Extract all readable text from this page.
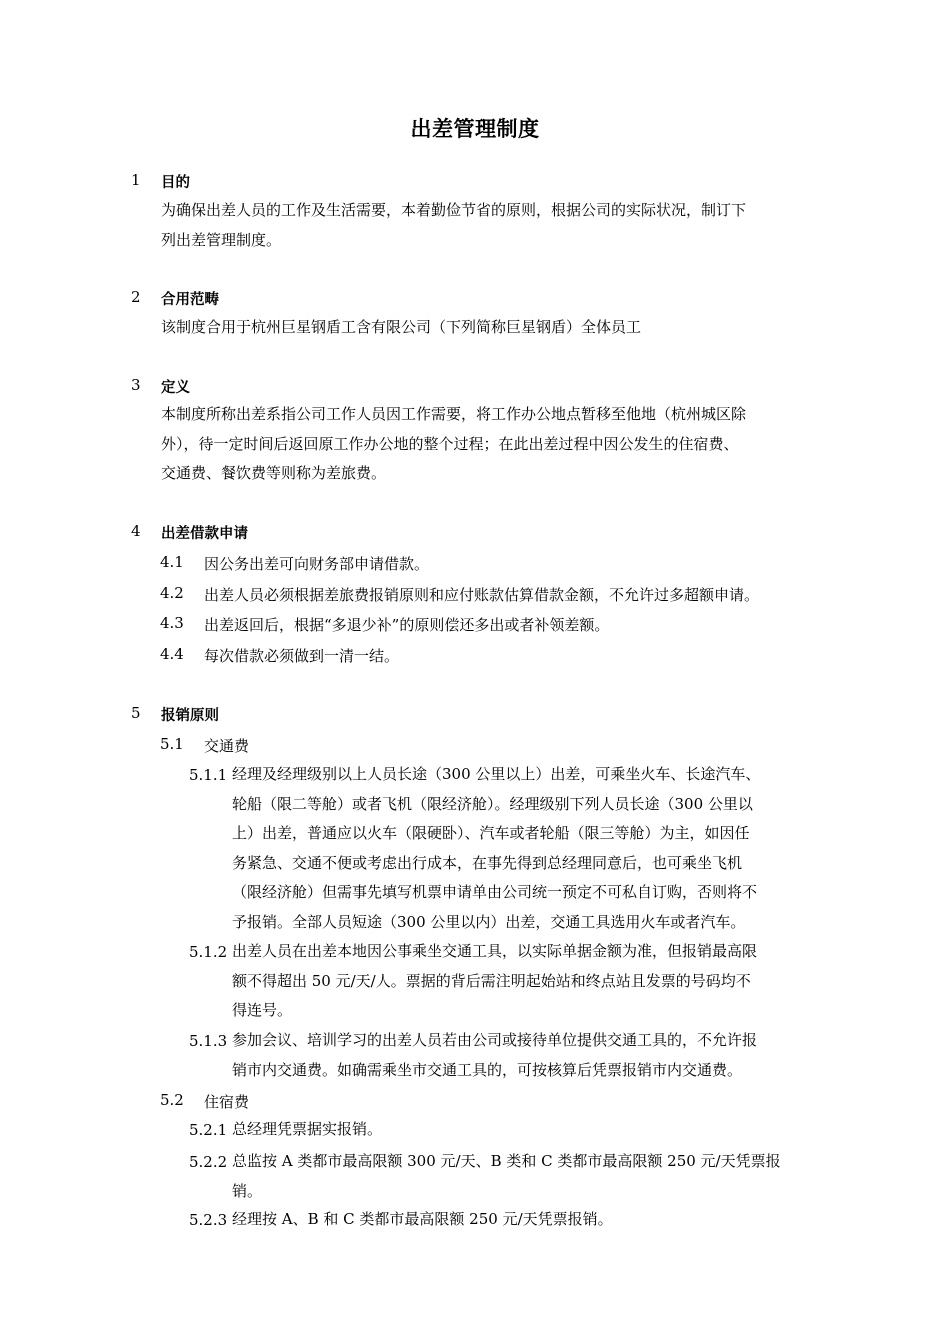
出差管理制度
1 目的
为确保出差人员的工作及生活需要，本着勤俭节省的原则，根据公司的实际状况，制订下
列出差管理制度。
2 合用范畴
该制度合用于杭州巨星钢盾工含有限公司（下列简称巨星钢盾）全体员工
3 定义
本制度所称出差系指公司工作人员因工作需要，将工作办公地点暂移至他地（杭州城区除
外），待一定时间后返回原工作办公地的整个过程；在此出差过程中因公发生的住宿费、
交通费、餐饮费等则称为差旅费。
4 出差借款申请
4.1 因公务出差可向财务部申请借款。
4.2 出差人员必须根据差旅费报销原则和应付账款估算借款金额，不允许过多超额申请。
4.3 出差返回后，根据“多退少补”的原则偿还多出或者补领差额。
4.4 每次借款必须做到一清一结。
5 报销原则
5.1 交通费
5.1.1 经理及经理级别以上人员长途（300 公里以上）出差，可乘坐火车、长途汽车、
轮船（限二等舱）或者飞机（限经济舱）。经理级别下列人员长途（300 公里以
上）出差，普通应以火车（限硬卧）、汽车或者轮船（限三等舱）为主，如因任
务紧急、交通不便或考虑出行成本，在事先得到总经理同意后，也可乘坐飞机
（限经济舱）但需事先填写机票申请单由公司统一预定不可私自订购，否则将不
予报销。全部人员短途（300 公里以内）出差，交通工具选用火车或者汽车。
5.1.2 出差人员在出差本地因公事乘坐交通工具，以实际单据金额为准，但报销最高限
额不得超出 50 元/天/人。票据的背后需注明起始站和终点站且发票的号码均不
得连号。
5.1.3 参加会议、培训学习的出差人员若由公司或接待单位提供交通工具的，不允许报
销市内交通费。如确需乘坐市交通工具的，可按核算后凭票报销市内交通费。
5.2 住宿费
5.2.1 总经理凭票据实报销。
5.2.2 总监按 A 类都市最高限额 300 元/天、B 类和 C 类都市最高限额 250 元/天凭票报
销。
5.2.3 经理按 A、B 和 C 类都市最高限额 250 元/天凭票报销。
